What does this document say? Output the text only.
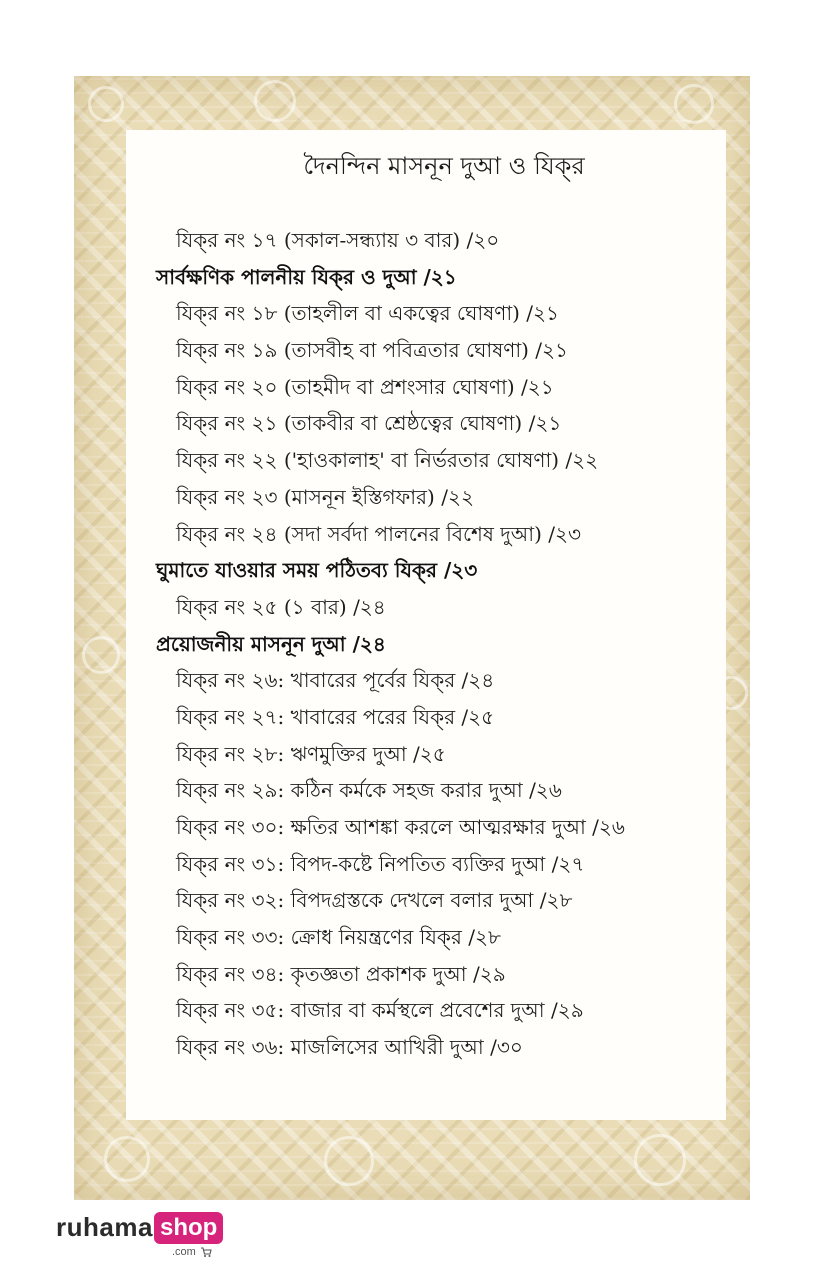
দৈনন্দিন মাসনূন দুআ ও যিক্‌র
যিক্‌র নং ১৭ (সকাল-সন্ধ্যায় ৩ বার) /২০
সার্বক্ষণিক পালনীয় যিক্‌র ও দুআ /২১
যিক্‌র নং ১৮ (তাহলীল বা একত্বের ঘোষণা) /২১
যিক্‌র নং ১৯ (তাসবীহ বা পবিত্রতার ঘোষণা) /২১
যিক্‌র নং ২০ (তাহমীদ বা প্রশংসার ঘোষণা) /২১
যিক্‌র নং ২১ (তাকবীর বা শ্রেষ্ঠত্বের ঘোষণা) /২১
যিক্‌র নং ২২ ('হাওকালাহ' বা নির্ভরতার ঘোষণা) /২২
যিক্‌র নং ২৩ (মাসনূন ইস্তিগফার) /২২
যিক্‌র নং ২৪ (সদা সর্বদা পালনের বিশেষ দুআ) /২৩
ঘুমাতে যাওয়ার সময় পঠিতব্য যিক্‌র /২৩
যিক্‌র নং ২৫ (১ বার) /২৪
প্রয়োজনীয় মাসনূন দুআ /২৪
যিক্‌র নং ২৬: খাবারের পূর্বের যিক্‌র /২৪
যিক্‌র নং ২৭: খাবারের পরের যিক্‌র /২৫
যিক্‌র নং ২৮: ঋণমুক্তির দুআ /২৫
যিক্‌র নং ২৯: কঠিন কর্মকে সহজ করার দুআ /২৬
যিক্‌র নং ৩০: ক্ষতির আশঙ্কা করলে আত্মরক্ষার দুআ /২৬
যিক্‌র নং ৩১: বিপদ-কষ্টে নিপতিত ব্যক্তির দুআ /২৭
যিক্‌র নং ৩২: বিপদগ্রস্তকে দেখলে বলার দুআ /২৮
যিক্‌র নং ৩৩: ক্রোধ নিয়ন্ত্রণের যিক্‌র /২৮
যিক্‌র নং ৩৪: কৃতজ্ঞতা প্রকাশক দুআ /২৯
যিক্‌র নং ৩৫: বাজার বা কর্মস্থলে প্রবেশের দুআ /২৯
যিক্‌র নং ৩৬: মাজলিসের আখিরী দুআ /৩০
ruhama shop
.com
